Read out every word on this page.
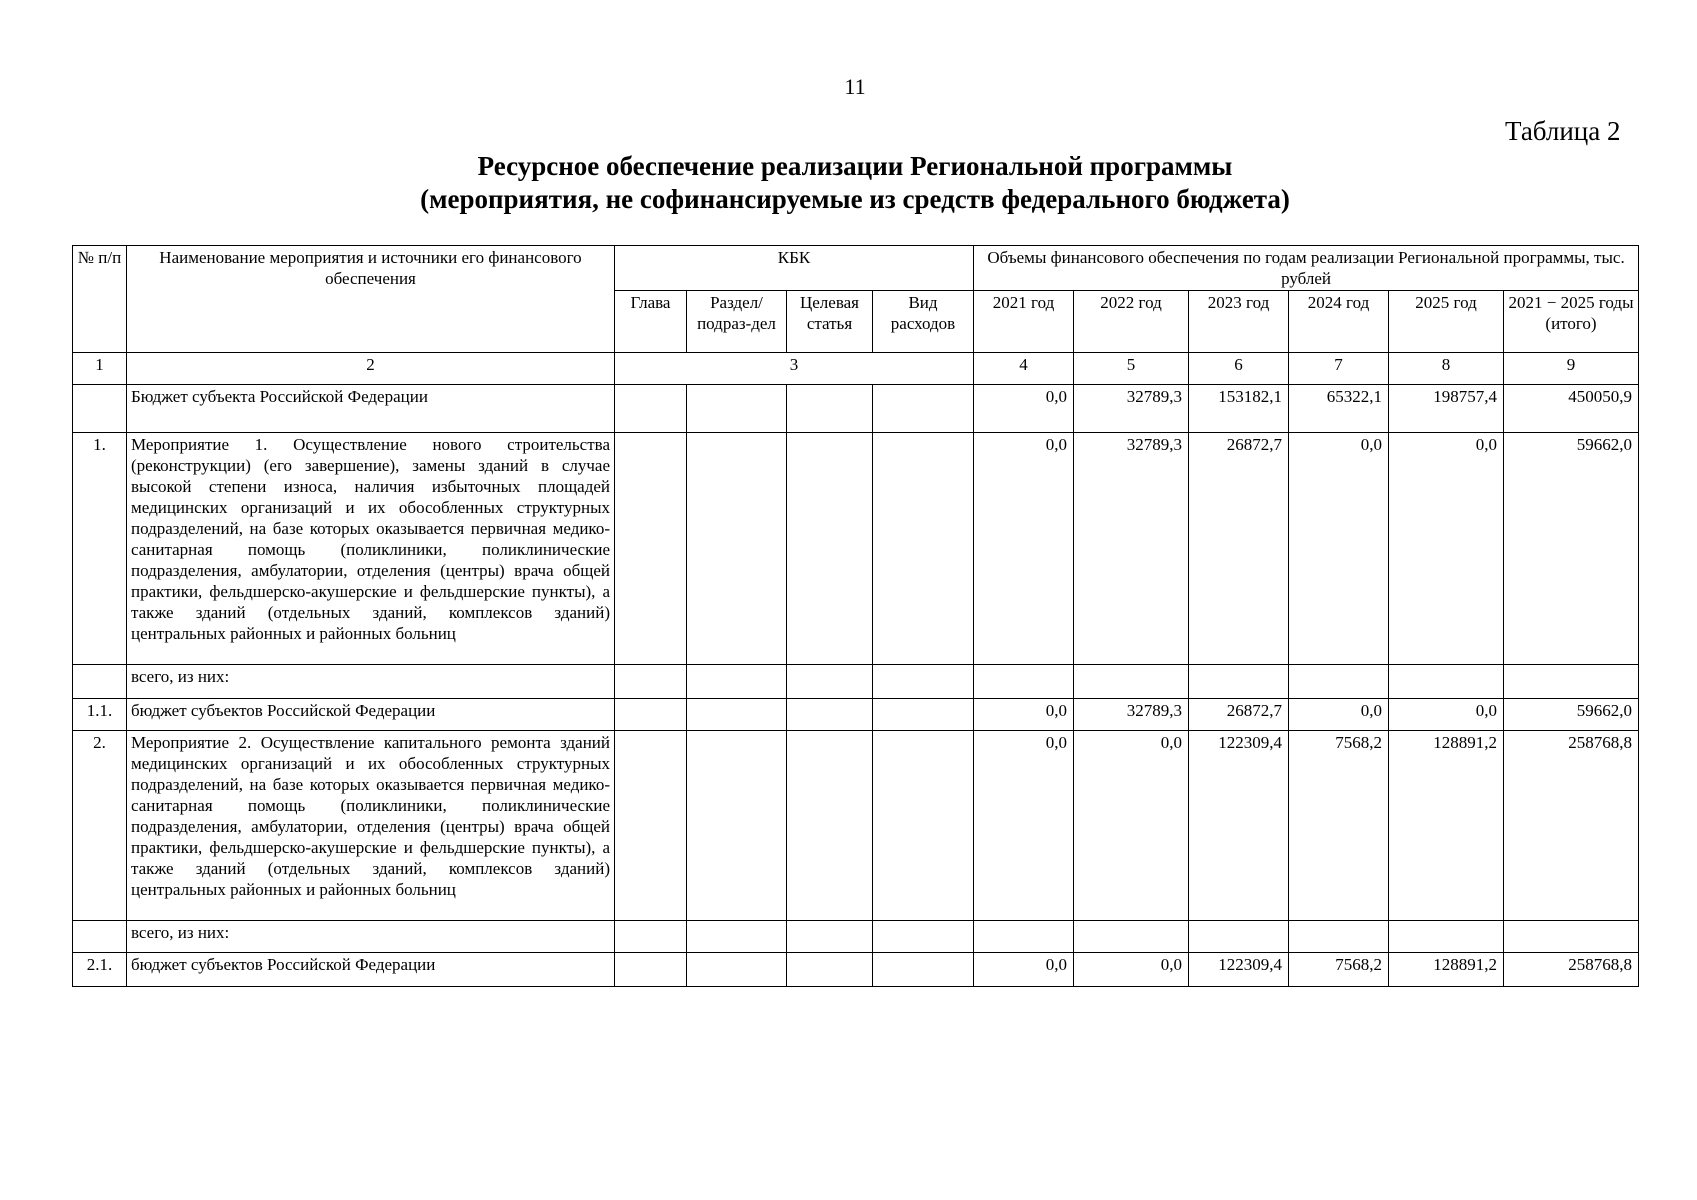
11
Таблица 2
Ресурсное обеспечение реализации Региональной программы
(мероприятия, не софинансируемые из средств федерального бюджета)
№ п/п	Наименование мероприятия и источники его финансового обеспечения	КБК				Объемы финансового обеспечения по годам реализации Региональной программы, тыс. рублей					
		Глава	Раздел/ подраз-дел	Целевая статья	Вид расходов	2021 год	2022 год	2023 год	2024 год	2025 год	2021 − 2025 годы (итого)
1	2	3				4	5	6	7	8	9
	Бюджет субъекта Российской Федерации					0,0	32789,3	153182,1	65322,1	198757,4	450050,9
1.	Мероприятие 1. Осуществление нового строительства (реконструкции) (его завершение), замены зданий в случае высокой степени износа, наличия избыточных площадей медицинских организаций и их обособленных структурных подразделений, на базе которых оказывается первичная медико-санитарная помощь (поликлиники, поликлинические подразделения, амбулатории, отделения (центры) врача общей практики, фельдшерско-акушерские и фельдшерские пункты), а также зданий (отдельных зданий, комплексов зданий) центральных районных и районных больниц					0,0	32789,3	26872,7	0,0	0,0	59662,0
	всего, из них:										
1.1.	бюджет субъектов Российской Федерации					0,0	32789,3	26872,7	0,0	0,0	59662,0
2.	Мероприятие 2. Осуществление капитального ремонта зданий медицинских организаций и их обособленных структурных подразделений, на базе которых оказывается первичная медико-санитарная помощь (поликлиники, поликлинические подразделения, амбулатории, отделения (центры) врача общей практики, фельдшерско-акушерские и фельдшерские пункты), а также зданий (отдельных зданий, комплексов зданий) центральных районных и районных больниц					0,0	0,0	122309,4	7568,2	128891,2	258768,8
	всего, из них:										
2.1.	бюджет субъектов Российской Федерации					0,0	0,0	122309,4	7568,2	128891,2	258768,8
